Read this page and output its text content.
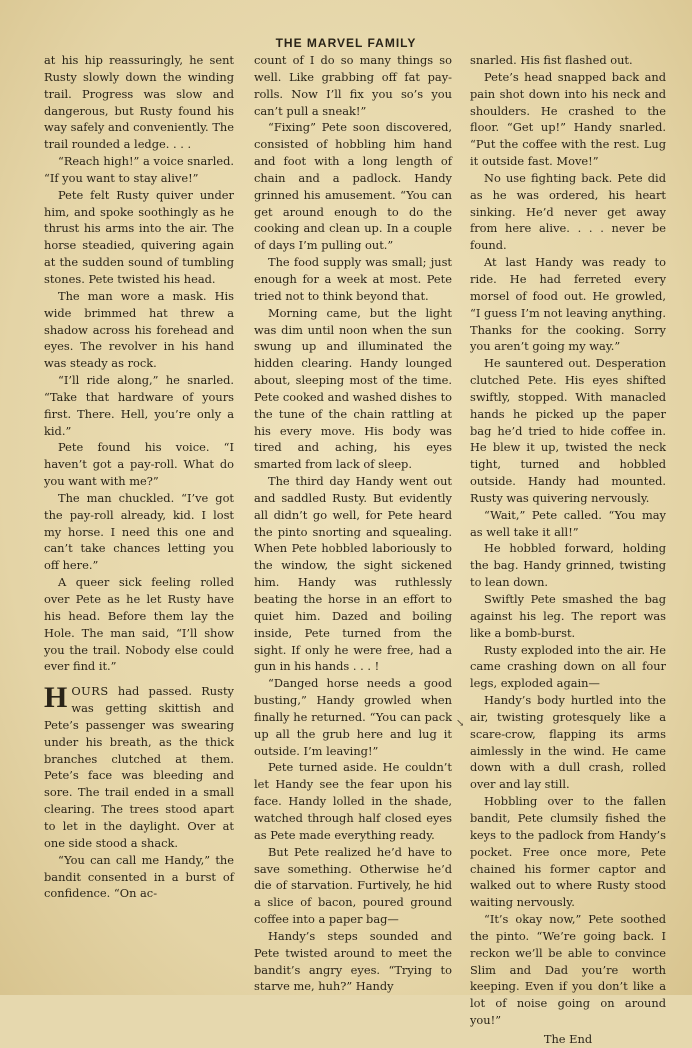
THE MARVEL FAMILY

at his hip reassuringly, he sent Rusty slowly down the winding trail. Progress was slow and dangerous, but Rusty found his way safely and conveniently. The trail rounded a ledge. . . .

“Reach high!” a voice snarled. “If you want to stay alive!”

Pete felt Rusty quiver under him, and spoke soothingly as he thrust his arms into the air. The horse steadied, quivering again at the sudden sound of tumbling stones. Pete twisted his head.

The man wore a mask. His wide brimmed hat threw a shadow across his forehead and eyes. The revolver in his hand was steady as rock.

“I’ll ride along,” he snarled. “Take that hardware of yours first. There. Hell, you’re only a kid.”

Pete found his voice. “I haven’t got a pay-roll. What do you want with me?”

The man chuckled. “I’ve got the pay-roll already, kid. I lost my horse. I need this one and can’t take chances letting you off here.”

A queer sick feeling rolled over Pete as he let Rusty have his head. Before them lay the Hole. The man said, “I’ll show you the trail. Nobody else could ever find it.”

HOURS had passed. Rusty was getting skittish and Pete’s passenger was swearing under his breath, as the thick branches clutched at them. Pete’s face was bleeding and sore. The trail ended in a small clearing. The trees stood apart to let in the daylight. Over at one side stood a shack.

“You can call me Handy,” the bandit consented in a burst of confidence. “On ac-

count of I do so many things so well. Like grabbing off fat pay-rolls. Now I’ll fix you so’s you can’t pull a sneak!”

“Fixing” Pete soon discovered, consisted of hobbling him hand and foot with a long length of chain and a padlock. Handy grinned his amusement. “You can get around enough to do the cooking and clean up. In a couple of days I’m pulling out.”

The food supply was small; just enough for a week at most. Pete tried not to think beyond that.

Morning came, but the light was dim until noon when the sun swung up and illuminated the hidden clearing. Handy lounged about, sleeping most of the time. Pete cooked and washed dishes to the tune of the chain rattling at his every move. His body was tired and aching, his eyes smarted from lack of sleep.

The third day Handy went out and saddled Rusty. But evidently all didn’t go well, for Pete heard the pinto snorting and squealing. When Pete hobbled laboriously to the window, the sight sickened him. Handy was ruthlessly beating the horse in an effort to quiet him. Dazed and boiling inside, Pete turned from the sight. If only he were free, had a gun in his hands . . . !

“Danged horse needs a good busting,” Handy growled when finally he returned. “You can pack up all the grub here and lug it outside. I’m leaving!”

Pete turned aside. He couldn’t let Handy see the fear upon his face. Handy lolled in the shade, watched through half closed eyes as Pete made everything ready.

But Pete realized he’d have to save something. Otherwise he’d die of starvation. Furtively, he hid a slice of bacon, poured ground coffee into a paper bag—

Handy’s steps sounded and Pete twisted around to meet the bandit’s angry eyes. “Trying to starve me, huh?” Handy

↘

snarled. His fist flashed out.

Pete’s head snapped back and pain shot down into his neck and shoulders. He crashed to the floor. “Get up!” Handy snarled. “Put the coffee with the rest. Lug it outside fast. Move!”

No use fighting back. Pete did as he was ordered, his heart sinking. He’d never get away from here alive. . . . never be found.

At last Handy was ready to ride. He had ferreted every morsel of food out. He growled, “I guess I’m not leaving anything. Thanks for the cooking. Sorry you aren’t going my way.”

He sauntered out. Desperation clutched Pete. His eyes shifted swiftly, stopped. With manacled hands he picked up the paper bag he’d tried to hide coffee in. He blew it up, twisted the neck tight, turned and hobbled outside. Handy had mounted. Rusty was quivering nervously.

“Wait,” Pete called. “You may as well take it all!”

He hobbled forward, holding the bag. Handy grinned, twisting to lean down.

Swiftly Pete smashed the bag against his leg. The report was like a bomb-burst.

Rusty exploded into the air. He came crashing down on all four legs, exploded again—

Handy’s body hurtled into the air, twisting grotesquely like a scare-crow, flapping its arms aimlessly in the wind. He came down with a dull crash, rolled over and lay still.

Hobbling over to the fallen bandit, Pete clumsily fished the keys to the padlock from Handy’s pocket. Free once more, Pete chained his former captor and walked out to where Rusty stood waiting nervously.

“It’s okay now,” Pete soothed the pinto. “We’re going back. I reckon we’ll be able to convince Slim and Dad you’re worth keeping. Even if you don’t like a lot of noise going on around you!”

The End
